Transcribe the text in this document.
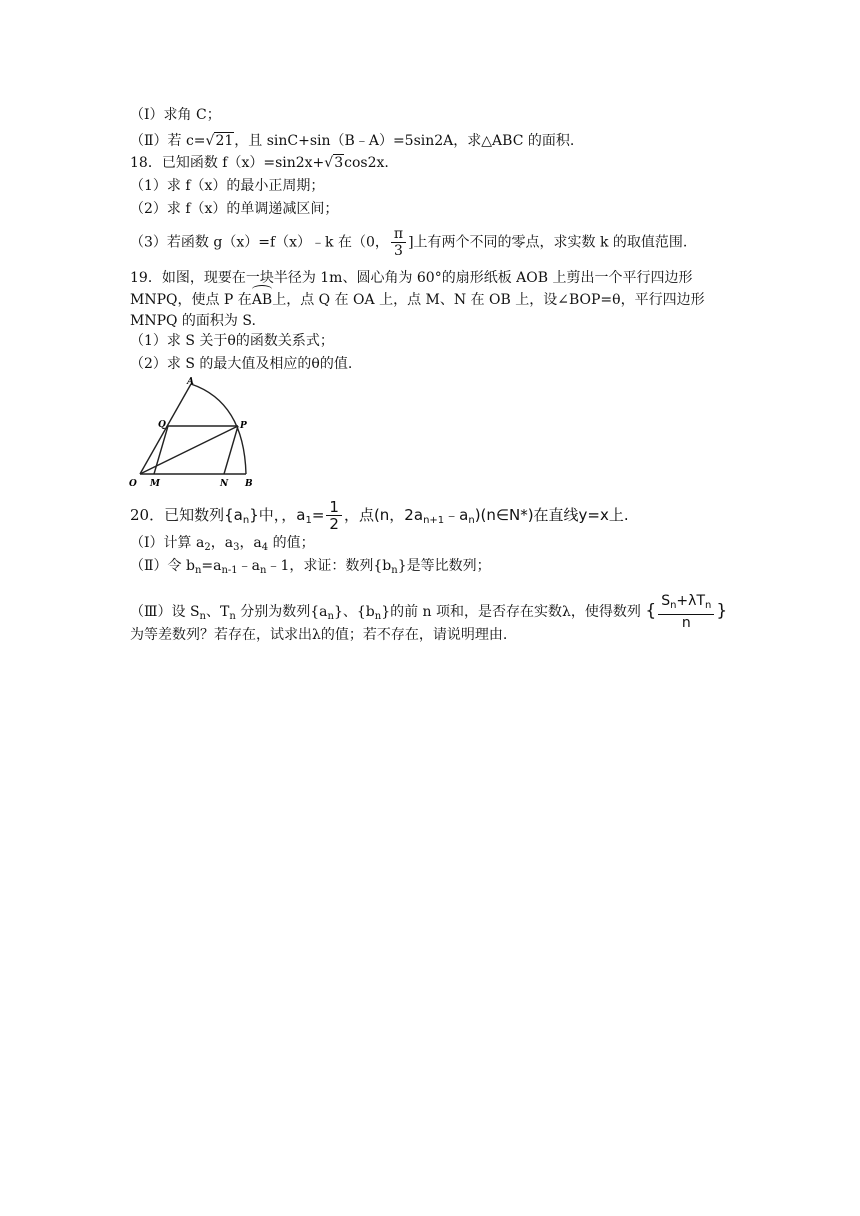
（Ⅰ）求角 C；
（Ⅱ）若 c=√21，且 sinC+sin（B﹣A）=5sin2A，求△ABC 的面积.
18．已知函数 f（x）=sin2x+√3cos2x.
（1）求 f（x）的最小正周期；
（2）求 f（x）的单调递减区间；
（3）若函数 g（x）=f（x）﹣k 在（0， $\frac{\pi}{3}$ ]上有两个不同的零点，求实数 k 的取值范围.
19．如图，现要在一块半径为 1m、圆心角为 60°的扇形纸板 AOB 上剪出一个平行四边形
MNPQ，使点 P 在AB上，点 Q 在 OA 上，点 M、N 在 OB 上，设∠BOP=θ，平行四边形
MNPQ 的面积为 S.
（1）求 S 关于θ的函数关系式；
（2）求 S 的最大值及相应的θ的值.
A
Q	P
O M	N B
20．已知数列$\{a_n\}$中，，$a_1= \frac{1}{2}$ ，点(n，$2a_{n+1}﹣a_n)(n\in N*)$在直线y=x上.
（Ⅰ）计算 $a_2$，$a_3$，$a_4$ 的值；
（Ⅱ）令 $b_n=a_{n-1}﹣a_n﹣1$，求证：数列$\{b_n\}$是等比数列；
（Ⅲ）设 $S_n$、$T_n$ 分别为数列$\{a_n\}$、$\{b_n\}$的前 n 项和，是否存在实数λ，使得数列 { $\frac{S_n+\lambda T_n}{n}$ }
为等差数列？若存在，试求出λ的值；若不存在，请说明理由.
